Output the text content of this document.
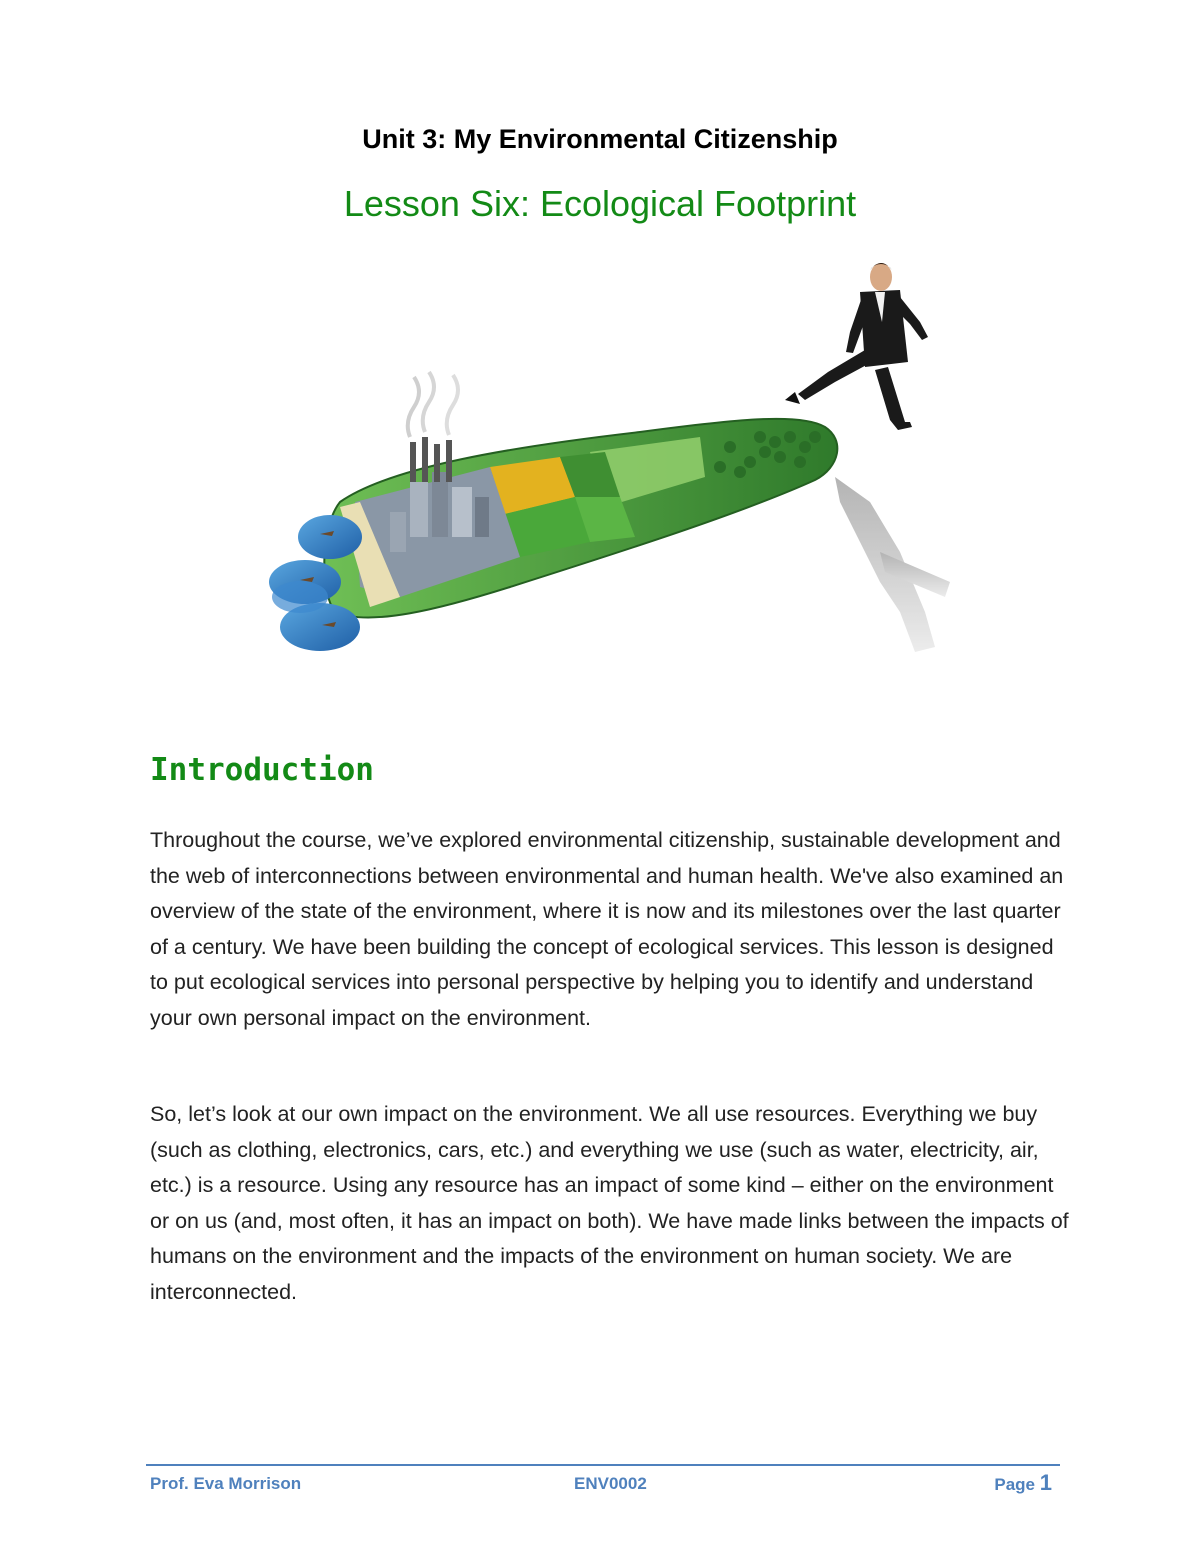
Unit 3: My Environmental Citizenship
Lesson Six: Ecological Footprint
Introduction

Throughout the course, we’ve explored environmental citizenship, sustainable development and the web of interconnections between environmental and human health. We've also examined an overview of the state of the environment, where it is now and its milestones over the last quarter of a century. We have been building the concept of ecological services. This lesson is designed to put ecological services into personal perspective by helping you to identify and understand your own personal impact on the environment.

So, let’s look at our own impact on the environment. We all use resources. Everything we buy (such as clothing, electronics, cars, etc.) and everything we use (such as water, electricity, air, etc.) is a resource. Using any resource has an impact of some kind – either on the environment or on us (and, most often, it has an impact on both). We have made links between the impacts of humans on the environment and the impacts of the environment on human society. We are interconnected.

Prof. Eva Morrison	ENV0002	Page 1
